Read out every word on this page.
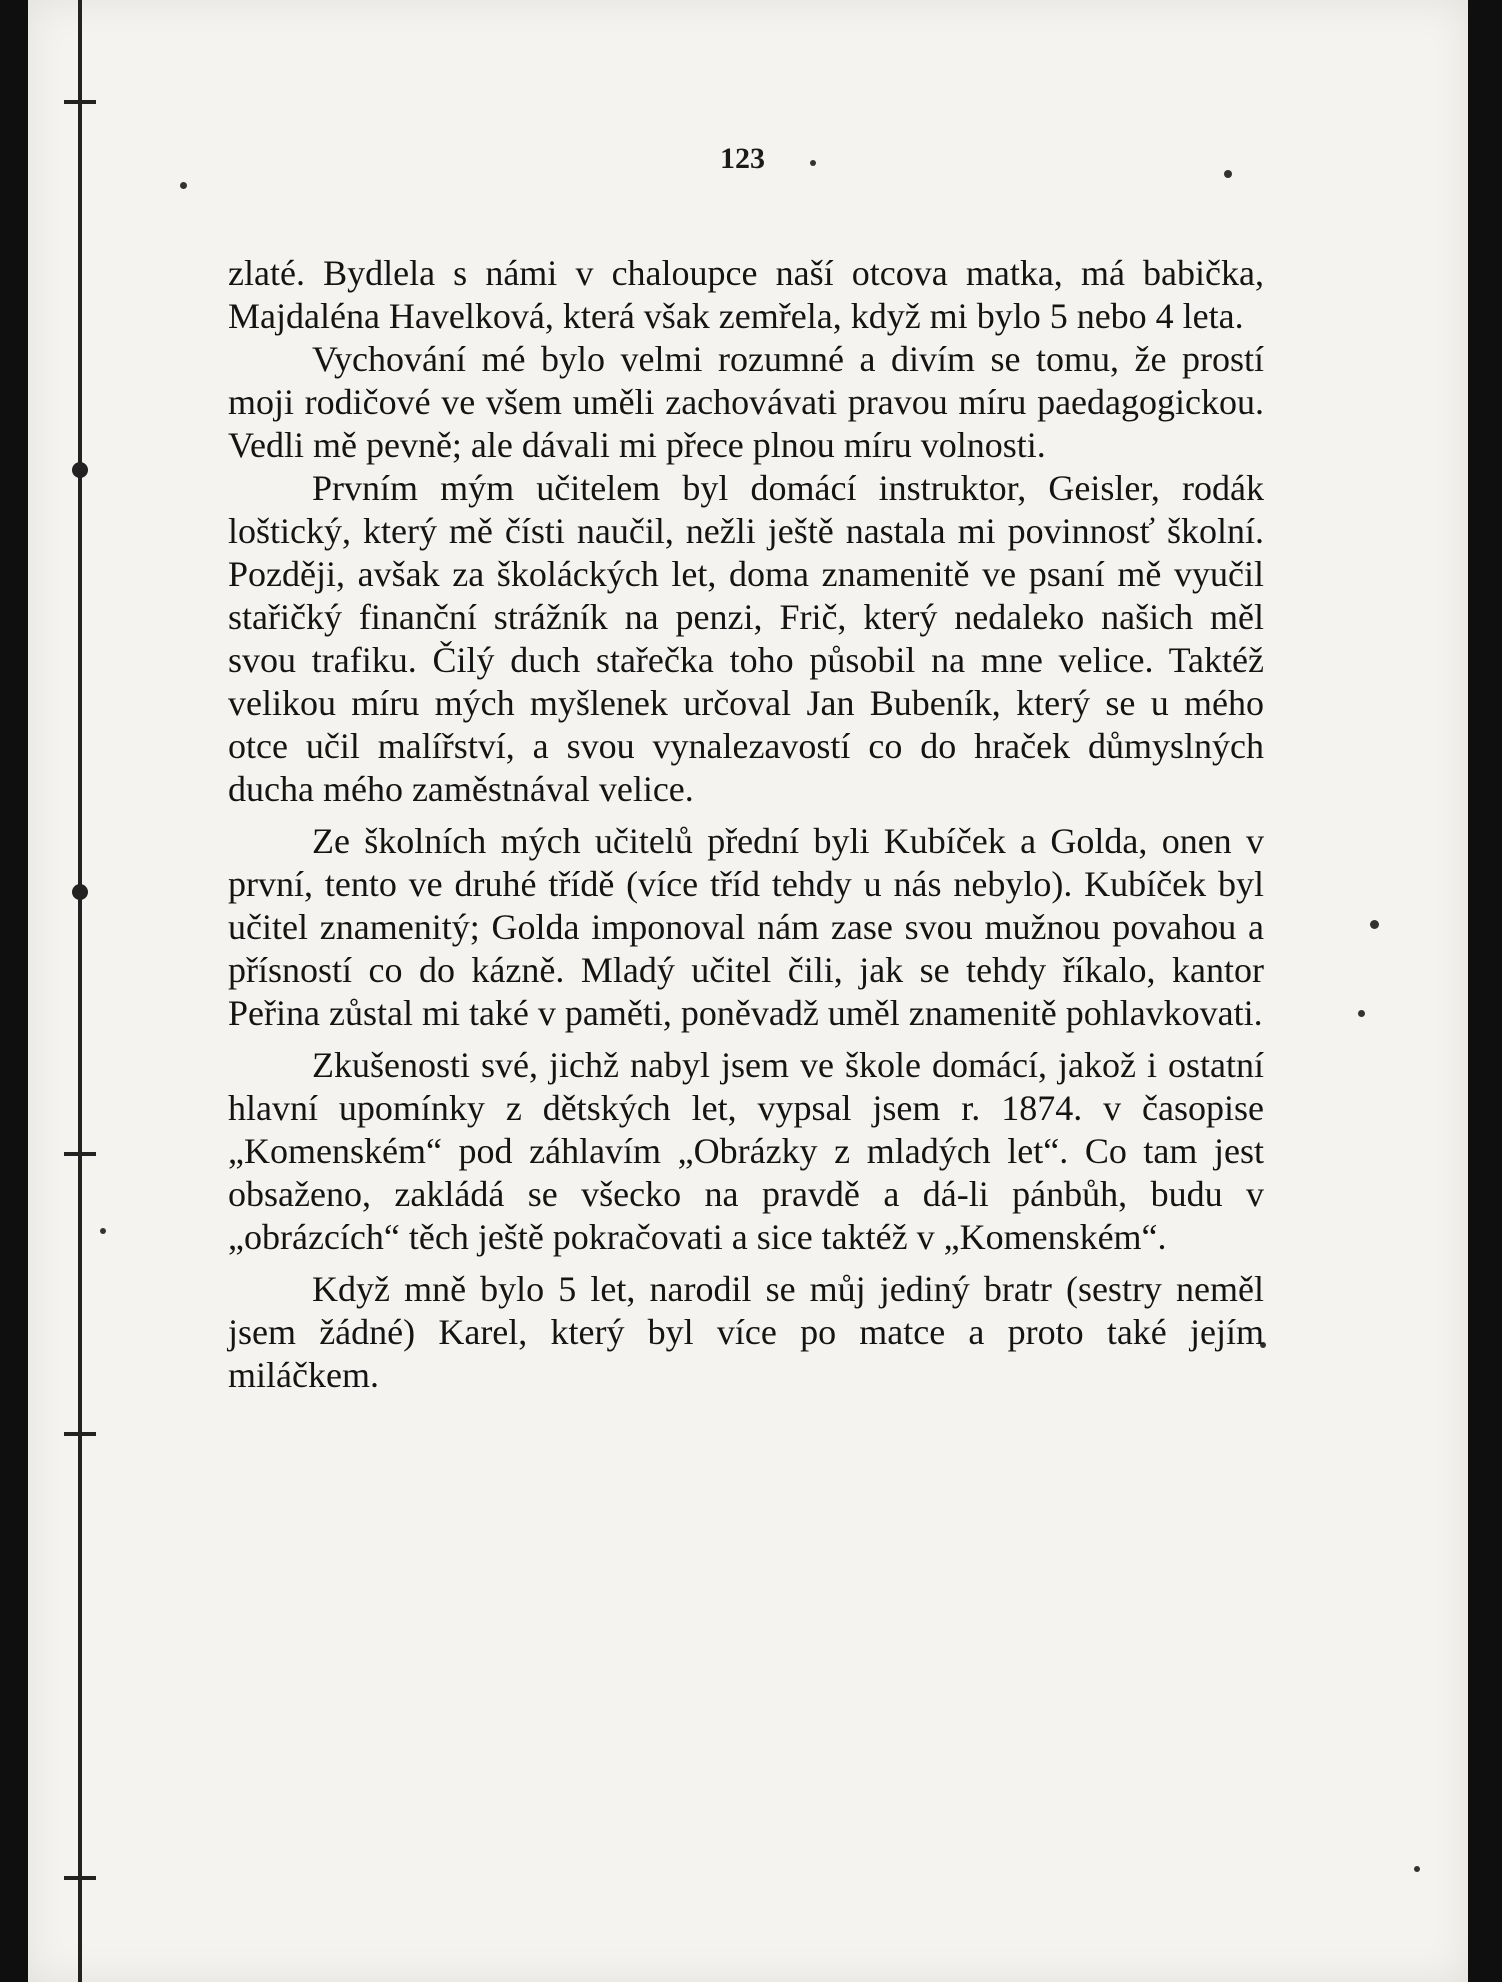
123

zlaté. Bydlela s námi v chaloupce naší otcova matka, má babička, Majdaléna Havelková, která však zemřela, když mi bylo 5 nebo 4 leta.

Vychování mé bylo velmi rozumné a divím se tomu, že prostí moji rodičové ve všem uměli zachovávati pravou míru paedagogickou. Vedli mě pevně; ale dávali mi přece plnou míru volnosti.

Prvním mým učitelem byl domácí instruktor, Geisler, rodák loštický, který mě čísti naučil, nežli ještě nastala mi povinnosť školní. Později, avšak za školáckých let, doma znamenitě ve psaní mě vyučil stařičký finanční strážník na penzi, Frič, který nedaleko našich měl svou trafiku. Čilý duch stařečka toho působil na mne velice. Taktéž velikou míru mých myšlenek určoval Jan Bubeník, který se u mého otce učil malířství, a svou vynalezavostí co do hraček důmyslných ducha mého zaměstnával velice.

Ze školních mých učitelů přední byli Kubíček a Golda, onen v první, tento ve druhé třídě (více tříd tehdy u nás nebylo). Kubíček byl učitel znamenitý; Golda imponoval nám zase svou mužnou povahou a přísností co do kázně. Mladý učitel čili, jak se tehdy říkalo, kantor Peřina zůstal mi také v paměti, poněvadž uměl znamenitě pohlavkovati.

Zkušenosti své, jichž nabyl jsem ve škole domácí, jakož i ostatní hlavní upomínky z dětských let, vypsal jsem r. 1874. v časopise „Komenském“ pod záhlavím „Obrázky z mladých let“. Co tam jest obsaženo, zakládá se všecko na pravdě a dá-li pánbůh, budu v „obrázcích“ těch ještě pokračovati a sice taktéž v „Komenském“.

Když mně bylo 5 let, narodil se můj jediný bratr (sestry neměl jsem žádné) Karel, který byl více po matce a proto také jejím miláčkem.
